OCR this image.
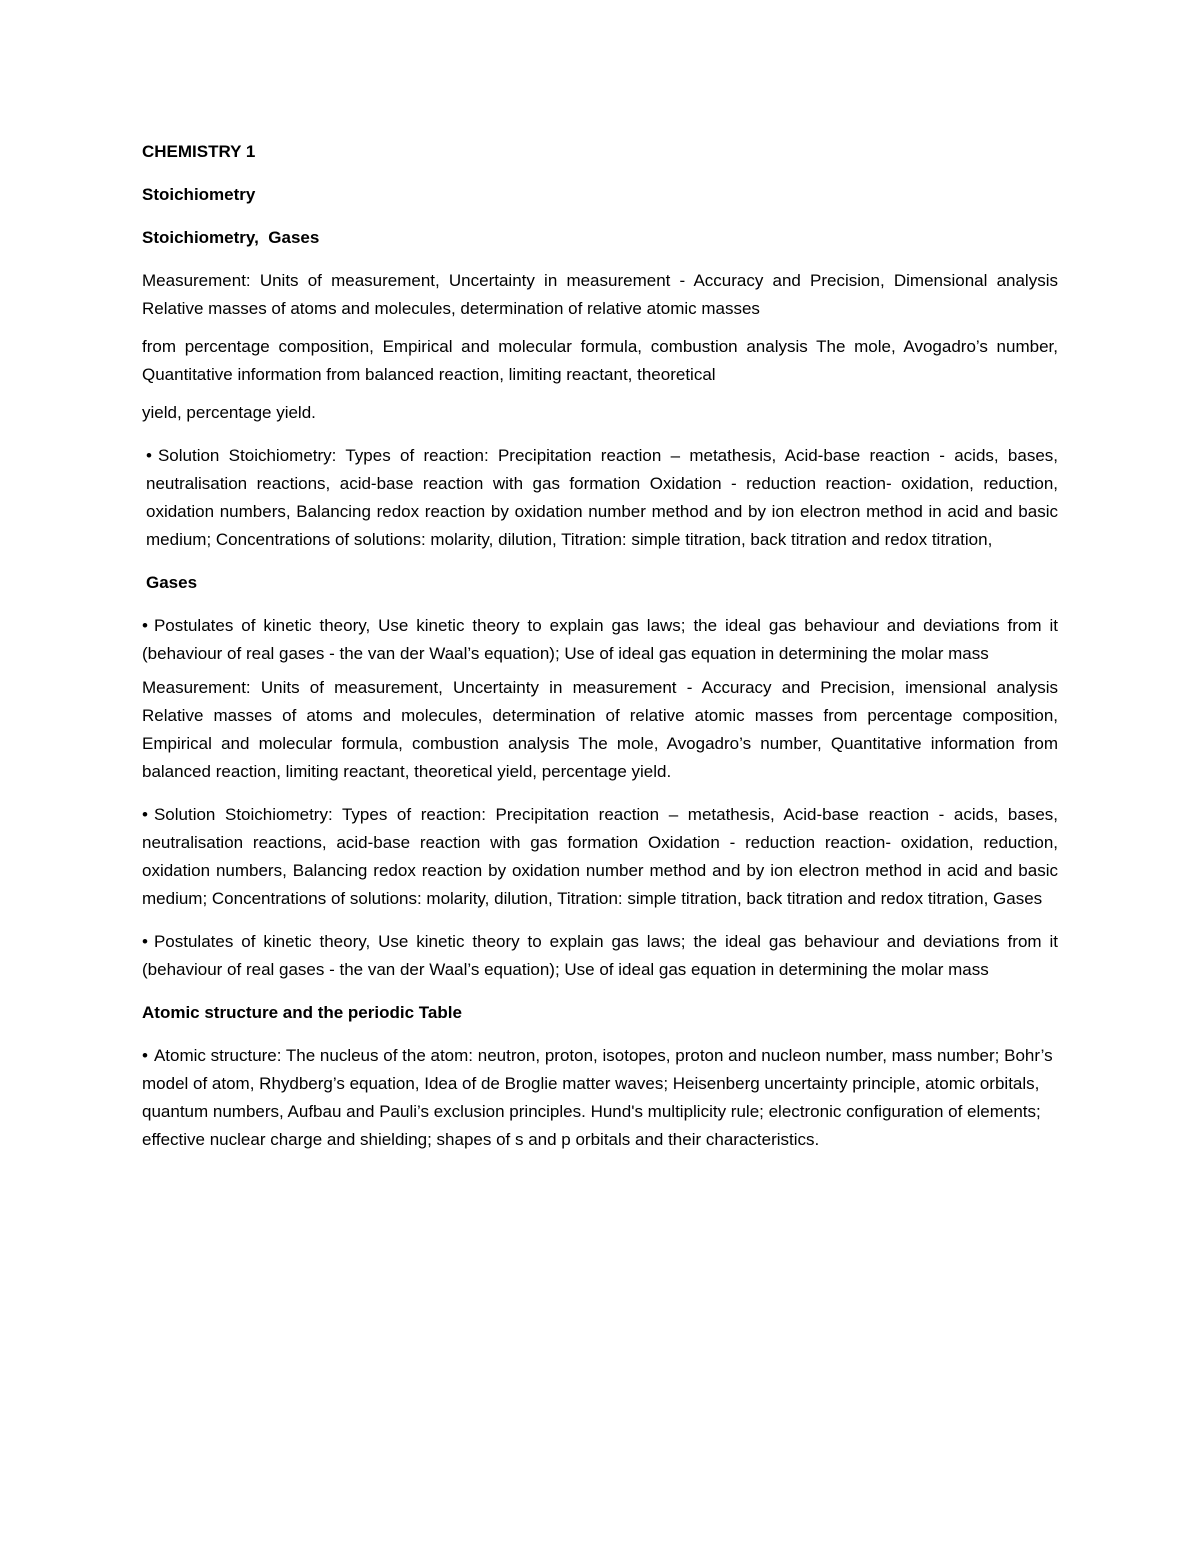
CHEMISTRY 1
Stoichiometry
Stoichiometry,  Gases
Measurement: Units of measurement, Uncertainty in measurement - Accuracy and Precision, Dimensional analysis Relative masses of atoms and molecules, determination of relative atomic masses
from percentage composition, Empirical and molecular formula, combustion analysis The mole, Avogadro’s number, Quantitative information from balanced reaction, limiting reactant, theoretical
yield, percentage yield.
• Solution Stoichiometry: Types of reaction: Precipitation reaction – metathesis, Acid-base reaction - acids, bases, neutralisation reactions, acid-base reaction with gas formation Oxidation - reduction reaction- oxidation, reduction, oxidation numbers, Balancing redox reaction by oxidation number method and by ion electron method in acid and basic medium; Concentrations of solutions: molarity, dilution, Titration: simple titration, back titration and redox titration,
Gases
• Postulates of kinetic theory, Use kinetic theory to explain gas laws; the ideal gas behaviour and deviations from it (behaviour of real gases - the van der Waal’s equation); Use of ideal gas equation in determining the molar mass
Measurement: Units of measurement, Uncertainty in measurement - Accuracy and Precision, imensional analysis Relative masses of atoms and molecules, determination of relative atomic masses from percentage composition, Empirical and molecular formula, combustion analysis The mole, Avogadro’s number, Quantitative information from balanced reaction, limiting reactant, theoretical yield, percentage yield.
• Solution Stoichiometry: Types of reaction: Precipitation reaction – metathesis, Acid-base reaction - acids, bases, neutralisation reactions, acid-base reaction with gas formation Oxidation - reduction reaction- oxidation, reduction, oxidation numbers, Balancing redox reaction by oxidation number method and by ion electron method in acid and basic medium; Concentrations of solutions: molarity, dilution, Titration: simple titration, back titration and redox titration, Gases
• Postulates of kinetic theory, Use kinetic theory to explain gas laws; the ideal gas behaviour and deviations from it (behaviour of real gases - the van der Waal’s equation); Use of ideal gas equation in determining the molar mass
Atomic structure and the periodic Table
• Atomic structure: The nucleus of the atom: neutron, proton, isotopes, proton and nucleon number, mass number; Bohr’s model of atom, Rhydberg’s equation, Idea of de Broglie matter waves; Heisenberg uncertainty principle, atomic orbitals, quantum numbers, Aufbau and Pauli’s exclusion principles. Hund's multiplicity rule; electronic configuration of elements; effective nuclear charge and shielding; shapes of s and p orbitals and their characteristics.
